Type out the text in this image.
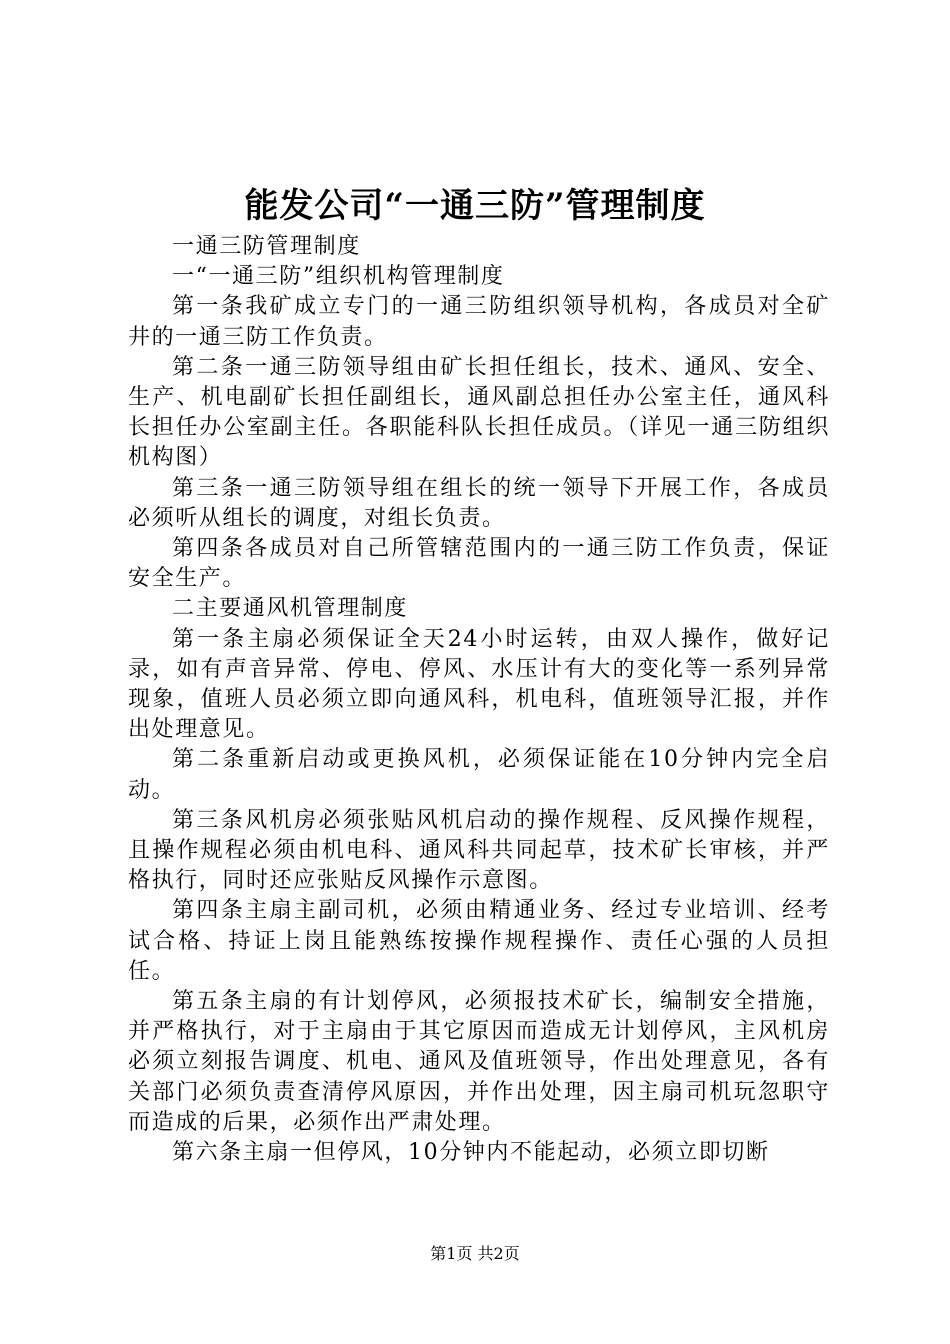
能发公司“一通三防”管理制度

一通三防管理制度

一“一通三防”组织机构管理制度

第一条我矿成立专门的一通三防组织领导机构，各成员对全矿井的一通三防工作负责。

第二条一通三防领导组由矿长担任组长，技术、通风、安全、生产、机电副矿长担任副组长，通风副总担任办公室主任，通风科长担任办公室副主任。各职能科队长担任成员。（详见一通三防组织机构图）

第三条一通三防领导组在组长的统一领导下开展工作，各成员必须听从组长的调度，对组长负责。

第四条各成员对自己所管辖范围内的一通三防工作负责，保证安全生产。

二主要通风机管理制度

第一条主扇必须保证全天24小时运转，由双人操作，做好记录，如有声音异常、停电、停风、水压计有大的变化等一系列异常现象，值班人员必须立即向通风科，机电科，值班领导汇报，并作出处理意见。

第二条重新启动或更换风机，必须保证能在10分钟内完全启动。

第三条风机房必须张贴风机启动的操作规程、反风操作规程，且操作规程必须由机电科、通风科共同起草，技术矿长审核，并严格执行，同时还应张贴反风操作示意图。

第四条主扇主副司机，必须由精通业务、经过专业培训、经考试合格、持证上岗且能熟练按操作规程操作、责任心强的人员担任。

第五条主扇的有计划停风，必须报技术矿长，编制安全措施，并严格执行，对于主扇由于其它原因而造成无计划停风，主风机房必须立刻报告调度、机电、通风及值班领导，作出处理意见，各有关部门必须负责查清停风原因，并作出处理，因主扇司机玩忽职守而造成的后果，必须作出严肃处理。

第六条主扇一但停风，10分钟内不能起动，必须立即切断

第1页 共2页
